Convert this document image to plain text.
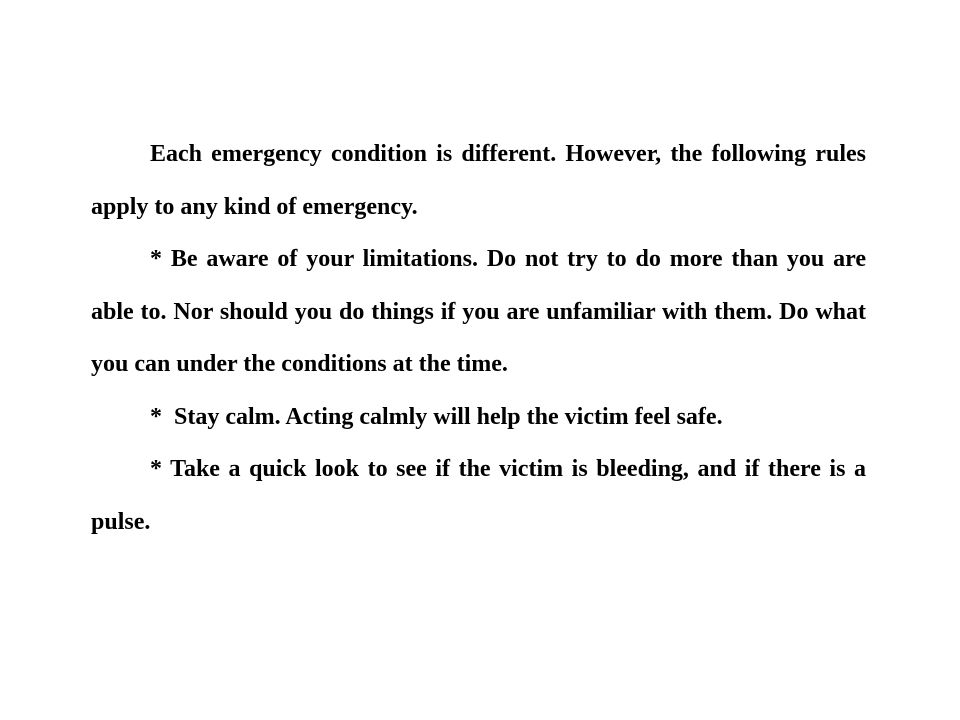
Each emergency condition is different. However, the following rules apply to any kind of emergency.

* Be aware of your limitations. Do not try to do more than you are able to. Nor should you do things if you are unfamiliar with them. Do what you can under the conditions at the time.

*  Stay calm. Acting calmly will help the victim feel safe.

* Take a quick look to see if the victim is bleeding, and if there is a pulse.
